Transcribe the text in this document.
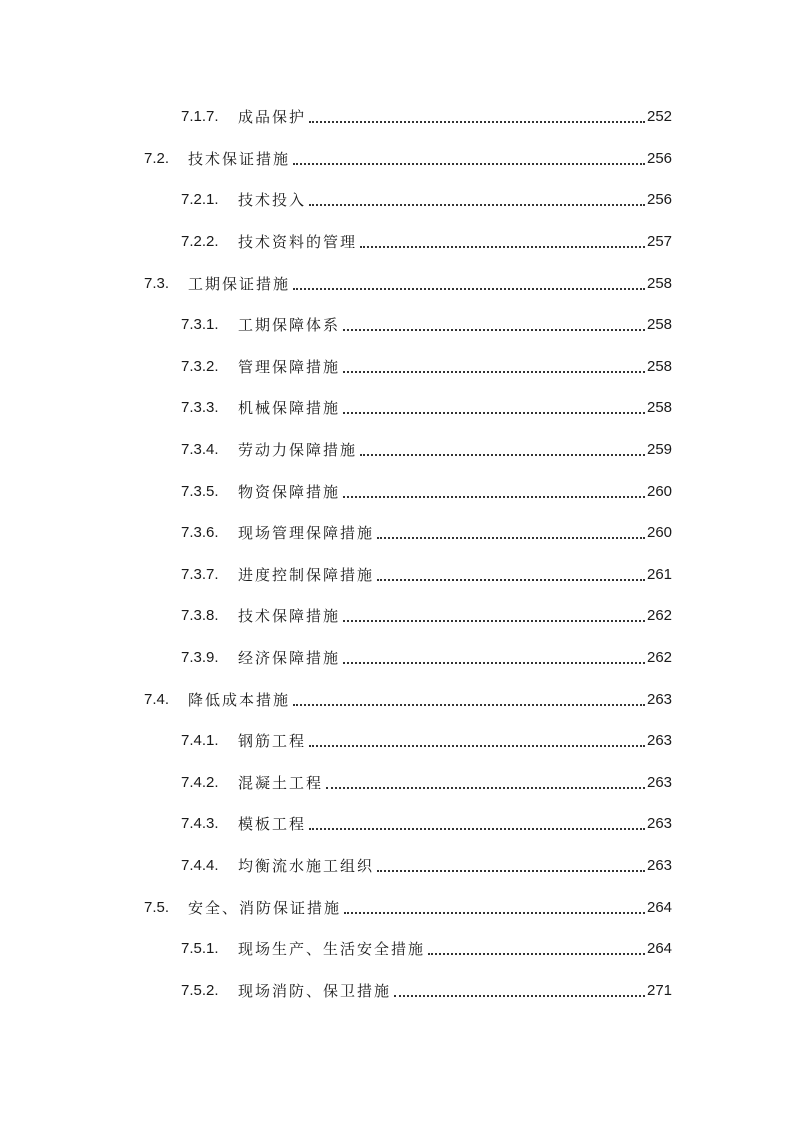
7.1.7.	成品保护	252
7.2.	技术保证措施	256
7.2.1.	技术投入	256
7.2.2.	技术资料的管理	257
7.3.	工期保证措施	258
7.3.1.	工期保障体系	258
7.3.2.	管理保障措施	258
7.3.3.	机械保障措施	258
7.3.4.	劳动力保障措施	259
7.3.5.	物资保障措施	260
7.3.6.	现场管理保障措施	260
7.3.7.	进度控制保障措施	261
7.3.8.	技术保障措施	262
7.3.9.	经济保障措施	262
7.4.	降低成本措施	263
7.4.1.	钢筋工程	263
7.4.2.	混凝土工程	263
7.4.3.	模板工程	263
7.4.4.	均衡流水施工组织	263
7.5.	安全、消防保证措施	264
7.5.1.	现场生产、生活安全措施	264
7.5.2.	现场消防、保卫措施	271
